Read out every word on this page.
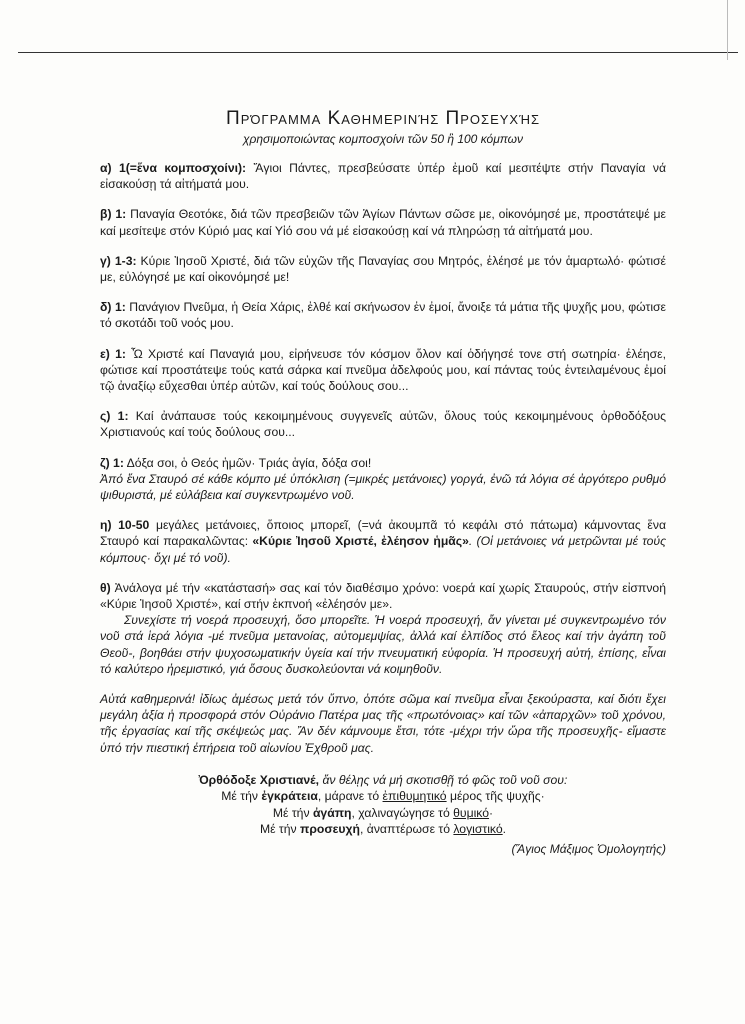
Πρόγραμμα Καθημερινής Προσευχής
χρησιμοποιώντας κομποσχοίνι τῶν 50 ἢ 100 κόμπων

α) 1(=ἕνα κομποσχοίνι): Ἅγιοι Πάντες, πρεσβεύσατε ὑπέρ ἐμοῦ καί μεσιτέψτε στήν Παναγία νά εἰσακούσῃ τά αἰτήματά μου.

β) 1: Παναγία Θεοτόκε, διά τῶν πρεσβειῶν τῶν Ἁγίων Πάντων σῶσε με, οἰκονόμησέ με, προστάτεψέ με καί μεσίτεψε στόν Κύριό μας καί Υἱό σου νά μέ εἰσακούσῃ καί νά πληρώσῃ τά αἰτήματά μου.

γ) 1-3: Κύριε Ἰησοῦ Χριστέ, διά τῶν εὐχῶν τῆς Παναγίας σου Μητρός, ἐλέησέ με τόν ἁμαρτωλό· φώτισέ με, εὐλόγησέ με καί οἰκονόμησέ με!

δ) 1: Πανάγιον Πνεῦμα, ἡ Θεία Χάρις, ἐλθέ καί σκήνωσον ἐν ἐμοί, ἄνοιξε τά μάτια τῆς ψυχῆς μου, φώτισε τό σκοτάδι τοῦ νοός μου.

ε) 1: Ὦ Χριστέ καί Παναγιά μου, εἰρήνευσε τόν κόσμον ὅλον καί ὁδήγησέ τονε στή σωτηρία· ἐλέησε, φώτισε καί προστάτεψε τούς κατά σάρκα καί πνεῦμα ἀδελφούς μου, καί πάντας τούς ἐντειλαμένους ἐμοί τῷ ἀναξίῳ εὔχεσθαι ὑπέρ αὐτῶν, καί τούς δούλους σου...

ς) 1: Καί ἀνάπαυσε τούς κεκοιμημένους συγγενεῖς αὐτῶν, ὅλους τούς κεκοιμημένους ὀρθοδόξους Χριστιανούς καί τούς δούλους σου...

ζ) 1: Δόξα σοι, ὁ Θεός ἡμῶν· Τριάς ἁγία, δόξα σοι!
Ἀπό ἕνα Σταυρό σέ κάθε κόμπο μέ ὑπόκλιση (=μικρές μετάνοιες) γοργά, ἐνῶ τά λόγια σέ ἀργότερο ρυθμό ψιθυριστά, μέ εὐλάβεια καί συγκεντρωμένο νοῦ.

η) 10-50 μεγάλες μετάνοιες, ὅποιος μπορεῖ, (=νά ἀκουμπᾶ τό κεφάλι στό πάτωμα) κάμνοντας ἕνα Σταυρό καί παρακαλῶντας: «Κύριε Ἰησοῦ Χριστέ, ἐλέησον ἡμᾶς». (Οἱ μετάνοιες νά μετρῶνται μέ τούς κόμπους· ὄχι μέ τό νοῦ).

θ) Ἀνάλογα μέ τήν «κατάστασή» σας καί τόν διαθέσιμο χρόνο: νοερά καί χωρίς Σταυρούς, στήν εἰσπνοή «Κύριε Ἰησοῦ Χριστέ», καί στήν ἐκπνοή «ἐλέησόν με».
Συνεχίστε τή νοερά προσευχή, ὅσο μπορεῖτε. Ἡ νοερά προσευχή, ἄν γίνεται μέ συγκεντρωμένο τόν νοῦ στά ἱερά λόγια -μέ πνεῦμα μετανοίας, αὐτομεμψίας, ἀλλά καί ἐλπίδος στό ἔλεος καί τήν ἀγάπη τοῦ Θεοῦ-, βοηθάει στήν ψυχοσωματικήν ὑγεία καί τήν πνευματική εὐφορία. Ἡ προσευχή αὐτή, ἐπίσης, εἶναι τό καλύτερο ἠρεμιστικό, γιά ὅσους δυσκολεύονται νά κοιμηθοῦν.

Αὐτά καθημερινά! ἰδίως ἀμέσως μετά τόν ὕπνο, ὁπότε σῶμα καί πνεῦμα εἶναι ξεκούραστα, καί διότι ἔχει μεγάλη ἀξία ἡ προσφορά στόν Οὐράνιο Πατέρα μας τῆς «πρωτόνοιας» καί τῶν «ἀπαρχῶν» τοῦ χρόνου, τῆς ἐργασίας καί τῆς σκέψεώς μας. Ἄν δέν κάμνουμε ἔτσι, τότε -μέχρι τήν ὥρα τῆς προσευχῆς- εἴμαστε ὑπό τήν πιεστική ἐπήρεια τοῦ αἰωνίου Ἐχθροῦ μας.

Ὀρθόδοξε Χριστιανέ, ἄν θέλῃς νά μή σκοτισθῇ τό φῶς τοῦ νοῦ σου:
Μέ τήν ἐγκράτεια, μάρανε τό ἐπιθυμητικό μέρος τῆς ψυχῆς·
Μέ τήν ἀγάπη, χαλιναγώγησε τό θυμικό·
Μέ τήν προσευχή, ἀναπτέρωσε τό λογιστικό.
(Ἅγιος Μάξιμος Ὁμολογητής)
